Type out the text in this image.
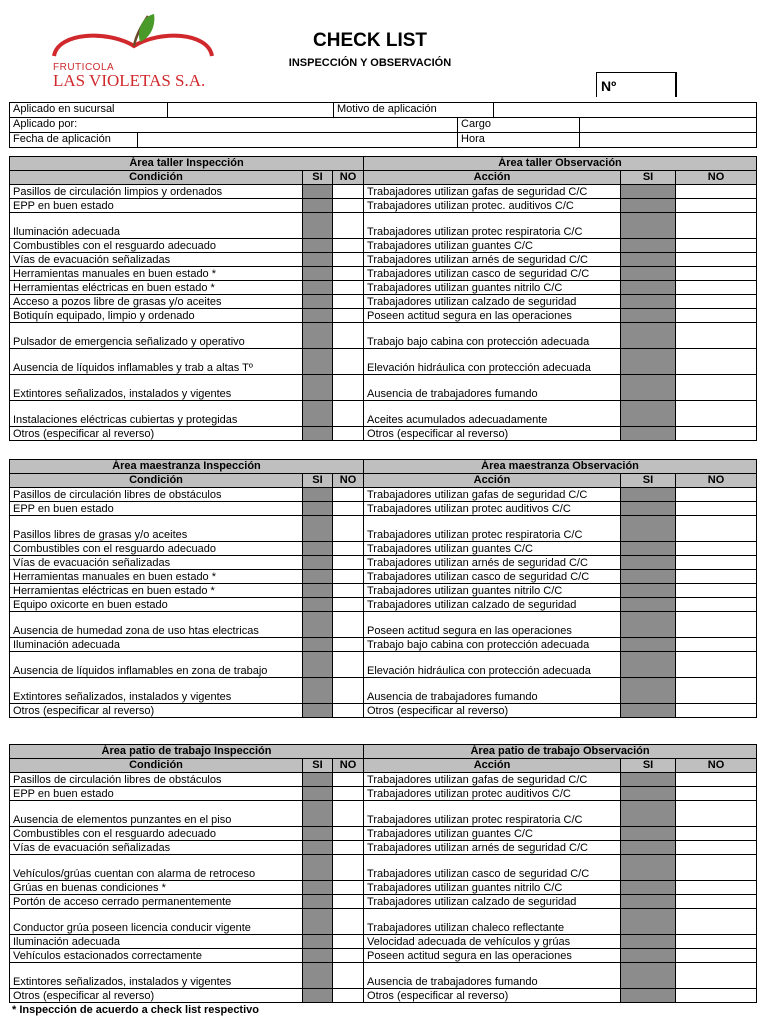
FRUTICOLA
LAS VIOLETAS S.A.
CHECK LIST
INSPECCIÓN Y OBSERVACIÓN
Nº
Aplicado en sucursal			Motivo de aplicación			
Aplicado por:				Cargo		
Fecha de aplicación				Hora		
Área taller Inspección			Área taller Observación		
Condición	SI	NO	Acción	SI	NO
Pasillos de circulación limpios y ordenados			Trabajadores utilizan gafas de seguridad C/C		
EPP en buen estado			Trabajadores utilizan protec. auditivos C/C		
Iluminación adecuada			Trabajadores utilizan protec respiratoria C/C		
Combustibles con el resguardo adecuado			Trabajadores utilizan guantes C/C		
Vías de evacuación señalizadas			Trabajadores utilizan arnés de seguridad C/C		
Herramientas manuales en buen estado *			Trabajadores utilizan casco de seguridad C/C		
Herramientas eléctricas en buen estado *			Trabajadores utilizan guantes nitrilo C/C		
Acceso a pozos libre de grasas y/o aceites			Trabajadores utilizan calzado de seguridad		
Botiquín equipado, limpio y ordenado			Poseen actitud segura en las operaciones		
Pulsador de emergencia señalizado y operativo			Trabajo bajo cabina con protección adecuada		
Ausencia de líquidos inflamables y trab a altas Tº			Elevación hidráulica con protección adecuada		
Extintores señalizados, instalados y vigentes			Ausencia de trabajadores fumando		
Instalaciones eléctricas cubiertas y protegidas			Aceites acumulados adecuadamente		
Otros (especificar al reverso)			Otros (especificar al reverso)		
Área maestranza Inspección			Área maestranza Observación		
Condición	SI	NO	Acción	SI	NO
Pasillos de circulación libres de obstáculos			Trabajadores utilizan gafas de seguridad C/C		
EPP en buen estado			Trabajadores utilizan protec auditivos C/C		
Pasillos libres de grasas y/o aceites			Trabajadores utilizan protec respiratoria C/C		
Combustibles con el resguardo adecuado			Trabajadores utilizan guantes C/C		
Vías de evacuación señalizadas			Trabajadores utilizan arnés de seguridad C/C		
Herramientas manuales en buen estado *			Trabajadores utilizan casco de seguridad C/C		
Herramientas eléctricas en buen estado *			Trabajadores utilizan guantes nitrilo C/C		
Equipo oxicorte en buen estado			Trabajadores utilizan calzado de seguridad		
Ausencia de humedad zona de uso htas electricas			Poseen actitud segura en las operaciones		
Iluminación adecuada			Trabajo bajo cabina con protección adecuada		
Ausencia de líquidos inflamables en zona de trabajo			Elevación hidráulica con protección adecuada		
Extintores señalizados, instalados y vigentes			Ausencia de trabajadores fumando		
Otros (especificar al reverso)			Otros (especificar al reverso)		
Área patio de trabajo Inspección			Área patio de trabajo Observación		
Condición	SI	NO	Acción	SI	NO
Pasillos de circulación libres de obstáculos			Trabajadores utilizan gafas de seguridad C/C		
EPP en buen estado			Trabajadores utilizan protec auditivos C/C		
Ausencia de elementos punzantes en el piso			Trabajadores utilizan protec respiratoria C/C		
Combustibles con el resguardo adecuado			Trabajadores utilizan guantes C/C		
Vías de evacuación señalizadas			Trabajadores utilizan arnés de seguridad C/C		
Vehículos/grúas cuentan con alarma de retroceso			Trabajadores utilizan casco de seguridad C/C		
Grúas en buenas condiciones *			Trabajadores utilizan guantes nitrilo C/C		
Portón de acceso cerrado permanentemente			Trabajadores utilizan calzado de seguridad		
Conductor grúa poseen licencia conducir vigente			Trabajadores utilizan chaleco reflectante		
Iluminación adecuada			Velocidad adecuada de vehículos y grúas		
Vehículos estacionados correctamente			Poseen actitud segura en las operaciones		
Extintores señalizados, instalados y vigentes			Ausencia de trabajadores fumando		
Otros (especificar al reverso)			Otros (especificar al reverso)		
* Inspección de acuerdo a check list respectivo
